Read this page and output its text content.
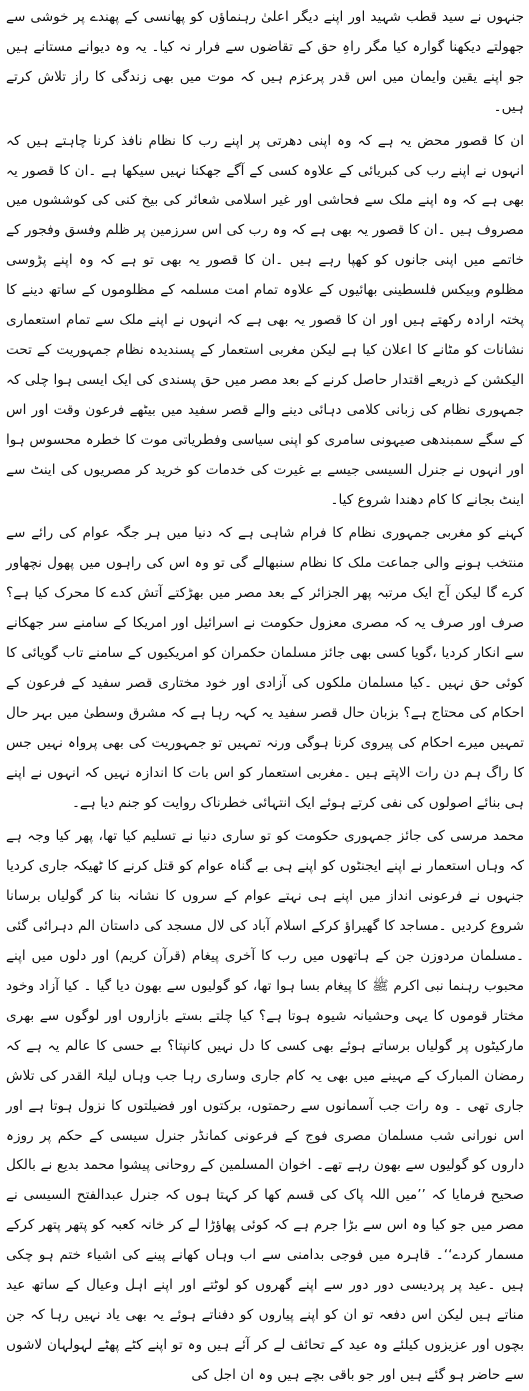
جنہوں نے سید قطب شہید اور اپنے دیگر اعلیٰ رہنماؤں کو پھانسی کے پھندے پر خوشی سے جھولتے دیکھنا گوارہ کیا مگر راہِ حق کے تقاضوں سے فرار نہ کیا۔ یہ وہ دیوانے مستانے ہیں جو اپنے یقین وایمان میں اس قدر پرعزم ہیں کہ موت میں بھی زندگی کا راز تلاش کرتے ہیں۔

ان کا قصور محض یہ ہے کہ وہ اپنی دھرتی پر اپنے رب کا نظام نافذ کرنا چاہتے ہیں کہ انہوں نے اپنے رب کی کبریائی کے علاوہ کسی کے آگے جھکنا نہیں سیکھا ہے ۔ان کا قصور یہ بھی ہے کہ وہ اپنے ملک سے فحاشی اور غیر اسلامی شعائر کی بیخ کنی کی کوششوں میں مصروف ہیں ۔ان کا قصور یہ بھی ہے کہ وہ رب کی اس سرزمین پر ظلم وفسق وفجور کے خاتمے میں اپنی جانوں کو کھپا رہے ہیں ۔ان کا قصور یہ بھی تو ہے کہ وہ اپنے پڑوسی مظلوم وبیکس فلسطینی بھائیوں کے علاوہ تمام امت مسلمہ کے مظلوموں کے ساتھ دینے کا پختہ ارادہ رکھتے ہیں اور ان کا قصور یہ بھی ہے کہ انہوں نے اپنے ملک سے تمام استعماری نشانات کو مٹانے کا اعلان کیا ہے لیکن مغربی استعمار کے پسندیدہ نظام جمہوریت کے تحت الیکشن کے ذریعے اقتدار حاصل کرنے کے بعد مصر میں حق پسندی کی ایک ایسی ہوا چلی کہ جمہوری نظام کی زبانی کلامی دہائی دینے والے قصر سفید میں بیٹھے فرعون وقت اور اس کے سگے سمبندھی صیہونی سامری کو اپنی سیاسی وفطریاتی موت کا خطرہ محسوس ہوا اور انہوں نے جنرل السیسی جیسے بے غیرت کی خدمات کو خرید کر مصریوں کی اینٹ سے اینٹ بجانے کا کام دھندا شروع کیا۔

کہنے کو مغربی جمہوری نظام کا فرام شاہی ہے کہ دنیا میں ہر جگہ عوام کی رائے سے منتخب ہونے والی جماعت ملک کا نظام سنبھالے گی تو وہ اس کی راہوں میں پھول نچھاور کرے گا لیکن آج ایک مرتبہ پھر الجزائر کے بعد مصر میں بھڑکتے آتش کدے کا محرک کیا ہے؟ صرف اور صرف یہ کہ مصری معزول حکومت نے اسرائیل اور امریکا کے سامنے سر جھکانے سے انکار کردیا ،گویا کسی بھی جائز مسلمان حکمران کو امریکیوں کے سامنے تاب گویائی کا کوئی حق نہیں ۔کیا مسلمان ملکوں کی آزادی اور خود مختاری قصر سفید کے فرعون کے احکام کی محتاج ہے؟ بزبان حال قصر سفید یہ کہہ رہا ہے کہ مشرق وسطیٰ میں بہر حال تمہیں میرے احکام کی پیروی کرنا ہوگی ورنہ تمہیں تو جمہوریت کی بھی پرواہ نہیں جس کا راگ ہم دن رات الاپتے ہیں ۔مغربی استعمار کو اس بات کا اندازہ نہیں کہ انہوں نے اپنے ہی بنائے اصولوں کی نفی کرتے ہوئے ایک انتہائی خطرناک روایت کو جنم دیا ہے۔

محمد مرسی کی جائز جمہوری حکومت کو تو ساری دنیا نے تسلیم کیا تھا، پھر کیا وجہ ہے کہ وہاں استعمار نے اپنے ایجنٹوں کو اپنے ہی بے گناہ عوام کو قتل کرنے کا ٹھیکہ جاری کردیا جنہوں نے فرعونی انداز میں اپنے ہی نہتے عوام کے سروں کا نشانہ بنا کر گولیاں برسانا شروع کردیں ۔مساجد کا گھیراؤ کرکے اسلام آباد کی لال مسجد کی داستان الم دہرائی گئی ۔مسلمان مردوزن جن کے ہاتھوں میں رب کا آخری پیغام (قرآن کریم) اور دلوں میں اپنے محبوب رہنما نبی اکرم ﷺ کا پیغام بسا ہوا تھا، کو گولیوں سے بھون دیا گیا ۔ کیا آزاد وخود مختار قوموں کا یہی وحشیانہ شیوہ ہوتا ہے؟ کیا چلتے بستے بازاروں اور لوگوں سے بھری مارکیٹوں پر گولیاں برساتے ہوئے بھی کسی کا دل نہیں کانپتا؟ بے حسی کا عالم یہ ہے کہ رمضان المبارک کے مہینے میں بھی یہ کام جاری وساری رہا جب وہاں لیلۃ القدر کی تلاش جاری تھی ۔ وہ رات جب آسمانوں سے رحمتوں، برکتوں اور فضیلتوں کا نزول ہوتا ہے اور اس نورانی شب مسلمان مصری فوج کے فرعونی کمانڈر جنرل سیسی کے حکم پر روزہ داروں کو گولیوں سے بھون رہے تھے۔ اخوان المسلمین کے روحانی پیشوا محمد بدیع نے بالکل صحیح فرمایا کہ ’’میں اللہ پاک کی قسم کھا کر کہتا ہوں کہ جنرل عبدالفتح السیسی نے مصر میں جو کیا وہ اس سے بڑا جرم ہے کہ کوئی پھاؤڑا لے کر خانہ کعبہ کو پتھر پتھر کرکے مسمار کردے‘‘۔ قاہرہ میں فوجی بدامنی سے اب وہاں کھانے پینے کی اشیاء ختم ہو چکی ہیں ۔عید پر پردیسی دور دور سے اپنے گھروں کو لوٹتے اور اپنے اہل وعیال کے ساتھ عید مناتے ہیں لیکن اس دفعہ تو ان کو اپنے پیاروں کو دفناتے ہوئے یہ بھی یاد نہیں رہا کہ جن بچوں اور عزیزوں کیلئے وہ عید کے تحائف لے کر آئے ہیں وہ تو اپنے کٹے پھٹے لہولہان لاشوں سے حاضر ہو گئے ہیں اور جو باقی بچے ہیں وہ ان اجل کی
